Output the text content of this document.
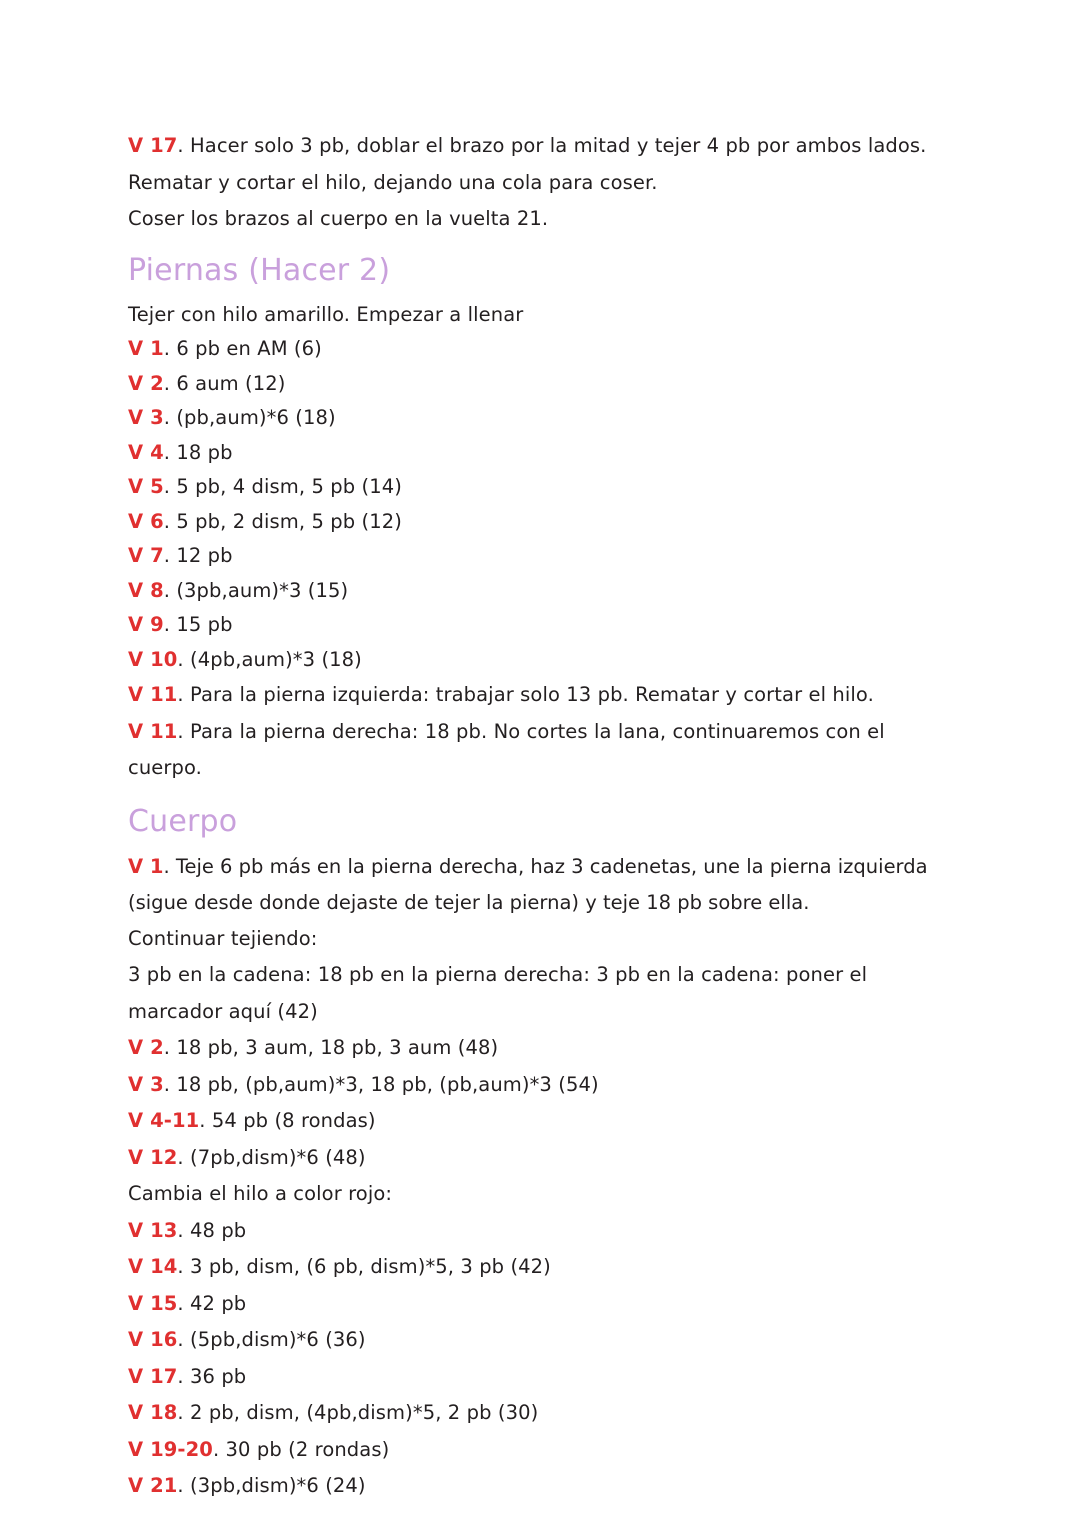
V 17. Hacer solo 3 pb, doblar el brazo por la mitad y tejer 4 pb por ambos lados.
Rematar y cortar el hilo, dejando una cola para coser.
Coser los brazos al cuerpo en la vuelta 21.
Piernas (Hacer 2)
Tejer con hilo amarillo. Empezar a llenar
V 1. 6 pb en AM (6)
V 2. 6 aum (12)
V 3. (pb,aum)*6 (18)
V 4. 18 pb
V 5. 5 pb, 4 dism, 5 pb (14)
V 6. 5 pb, 2 dism, 5 pb (12)
V 7. 12 pb
V 8. (3pb,aum)*3 (15)
V 9. 15 pb
V 10. (4pb,aum)*3 (18)
V 11. Para la pierna izquierda: trabajar solo 13 pb. Rematar y cortar el hilo.
V 11. Para la pierna derecha: 18 pb. No cortes la lana, continuaremos con el cuerpo.
Cuerpo
V 1. Teje 6 pb más en la pierna derecha, haz 3 cadenetas, une la pierna izquierda (sigue desde donde dejaste de tejer la pierna) y teje 18 pb sobre ella.
Continuar tejiendo:
3 pb en la cadena: 18 pb en la pierna derecha: 3 pb en la cadena: poner el marcador aquí (42)
V 2. 18 pb, 3 aum, 18 pb, 3 aum (48)
V 3. 18 pb, (pb,aum)*3, 18 pb, (pb,aum)*3 (54)
V 4-11. 54 pb (8 rondas)
V 12. (7pb,dism)*6 (48)
Cambia el hilo a color rojo:
V 13. 48 pb
V 14. 3 pb, dism, (6 pb, dism)*5, 3 pb (42)
V 15. 42 pb
V 16. (5pb,dism)*6 (36)
V 17. 36 pb
V 18. 2 pb, dism, (4pb,dism)*5, 2 pb (30)
V 19-20. 30 pb (2 rondas)
V 21. (3pb,dism)*6 (24)
